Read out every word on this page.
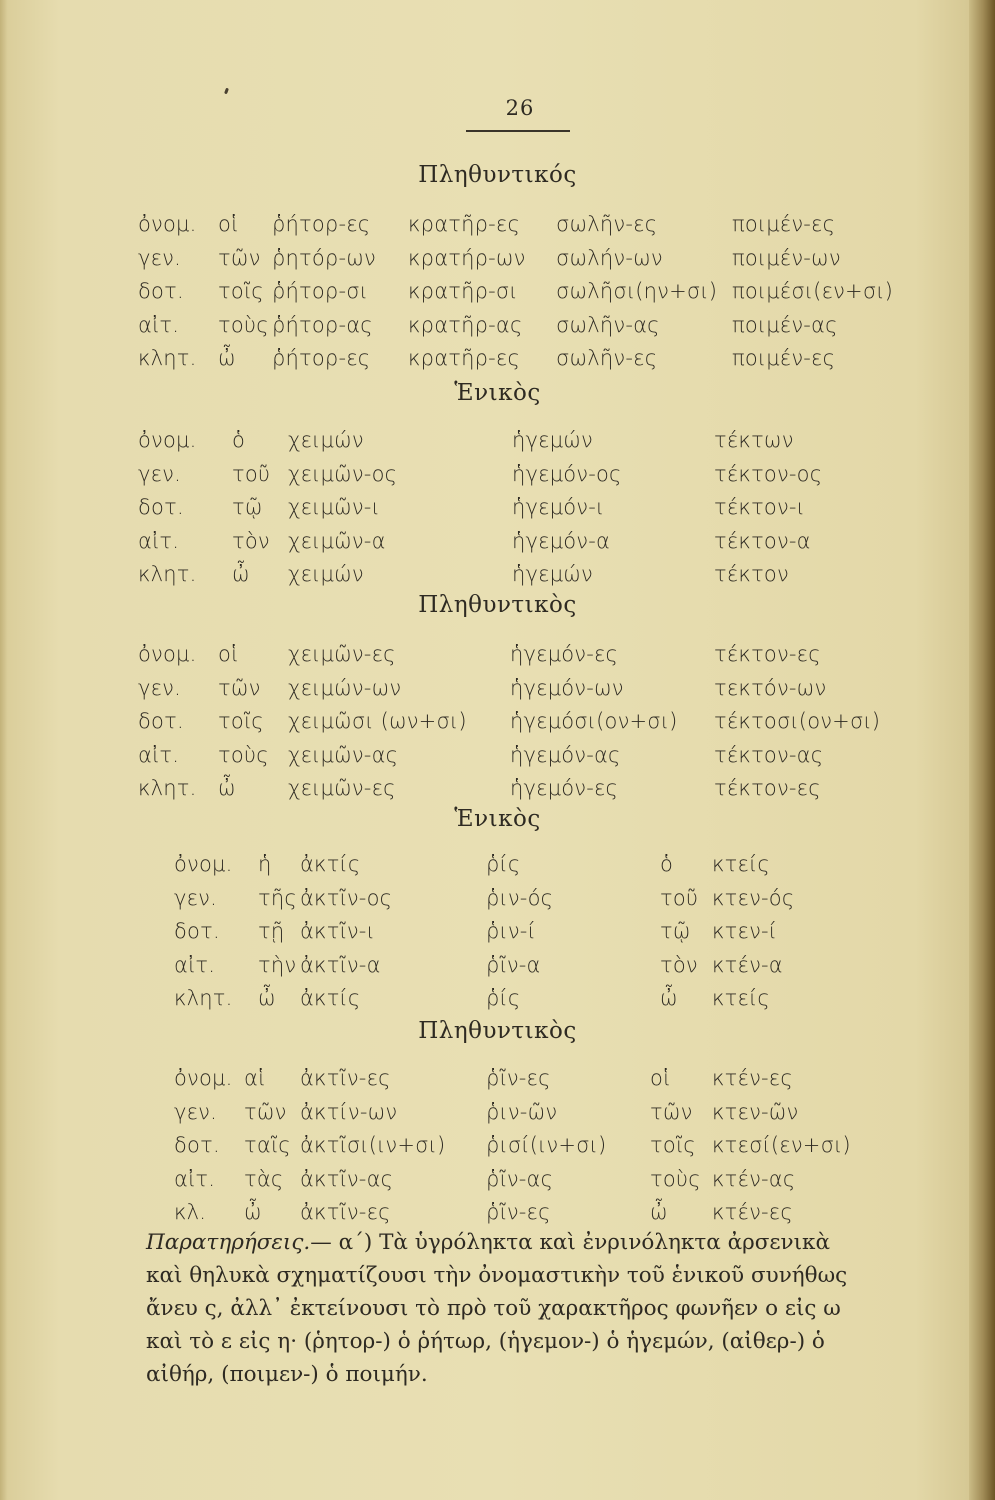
26
Πληθυντικός
ὀνομ. οἱ ῥήτορ-ες κρατῆρ-ες σωλῆν-ες	ποιμέν-ες
γεν. τῶν ῥητόρ-ων κρατήρ-ων σωλήν-ων	ποιμέν-ων
δοτ. τοῖς ῥήτορ-σι κρατῆρ-σι σωλῆσι(ην+σι) ποιμέσι(εν+σι)
αἰτ. τοὺς ῥήτορ-ας κρατῆρ-ας σωλῆν-ας	ποιμέν-ας
κλητ. ὦ ῥήτορ-ες κρατῆρ-ες σωλῆν-ες	ποιμέν-ες
Ἑνικὸς
ὀνομ. ὁ χειμών	ἡγεμών	τέκτων
γεν. τοῦ χειμῶν-ος	ἡγεμόν-ος	τέκτον-ος
δοτ. τῷ χειμῶν-ι	ἡγεμόν-ι	τέκτον-ι
αἰτ.	τὸν χειμῶν-α	ἡγεμόν-α	τέκτον-α
κλητ. ὦ χειμών	ἡγεμών	τέκτον
Πληθυντικὸς
ὀνομ. οἱ χειμῶν-ες	ἡγεμόν-ες	τέκτον-ες
γεν. τῶν χειμών-ων	ἡγεμόν-ων	τεκτόν-ων
δοτ. τοῖς χειμῶσι (ων+σι) ἡγεμόσι(ον+σι) τέκτοσι(ον+σι)
αἰτ. τοὺς χειμῶν-ας	ἡγεμόν-ας	τέκτον-ας
κλητ. ὦ χειμῶν-ες	ἡγεμόν-ες	τέκτον-ες
Ἑνικὸς
ὀνομ. ἡ ἀκτίς	ῥίς	ὁ κτείς
γεν. τῆς ἀκτῖν-ος	ῥιν-ός	τοῦ κτεν-ός
δοτ. τῇ ἀκτῖν-ι	ῥιν-ί	τῷ κτεν-ί
αἰτ. τὴν ἀκτῖν-α	ῥῖν-α	τὸν κτέν-α
κλητ. ὦ ἀκτίς	ῥίς	ὦ κτείς
Πληθυντικὸς
ὀνομ. αἱ ἀκτῖν-ες	ῥῖν-ες	οἱ κτέν-ες
γεν. τῶν ἀκτίν-ων	ῥιν-ῶν	τῶν κτεν-ῶν
δοτ. ταῖς ἀκτῖσι(ιν+σι) ῥισί(ιν+σι) τοῖς κτεσί(εν+σι)
αἰτ. τὰς ἀκτῖν-ας	ῥῖν-ας	τοὺς κτέν-ας
κλ. ὦ ἀκτῖν-ες	ῥῖν-ες	ὦ κτέν-ες
Παρατηρήσεις.— α΄) Τὰ ὑγρόληκτα καὶ ἐνρινόληκτα ἀρσενικὰ
καὶ θηλυκὰ σχηματίζουσι τὴν ὀνομαστικὴν τοῦ ἑνικοῦ συνήθως
ἄνευ ς, ἀλλ᾽ ἐκτείνουσι τὸ πρὸ τοῦ χαρακτῆρος φωνῆεν ο εἰς ω
καὶ τὸ ε εἰς η· (ῥητορ-) ὁ ῥήτωρ, (ἡγεμον-) ὁ ἡγεμών, (αἰθερ-) ὁ
αἰθήρ, (ποιμεν-) ὁ ποιμήν.
